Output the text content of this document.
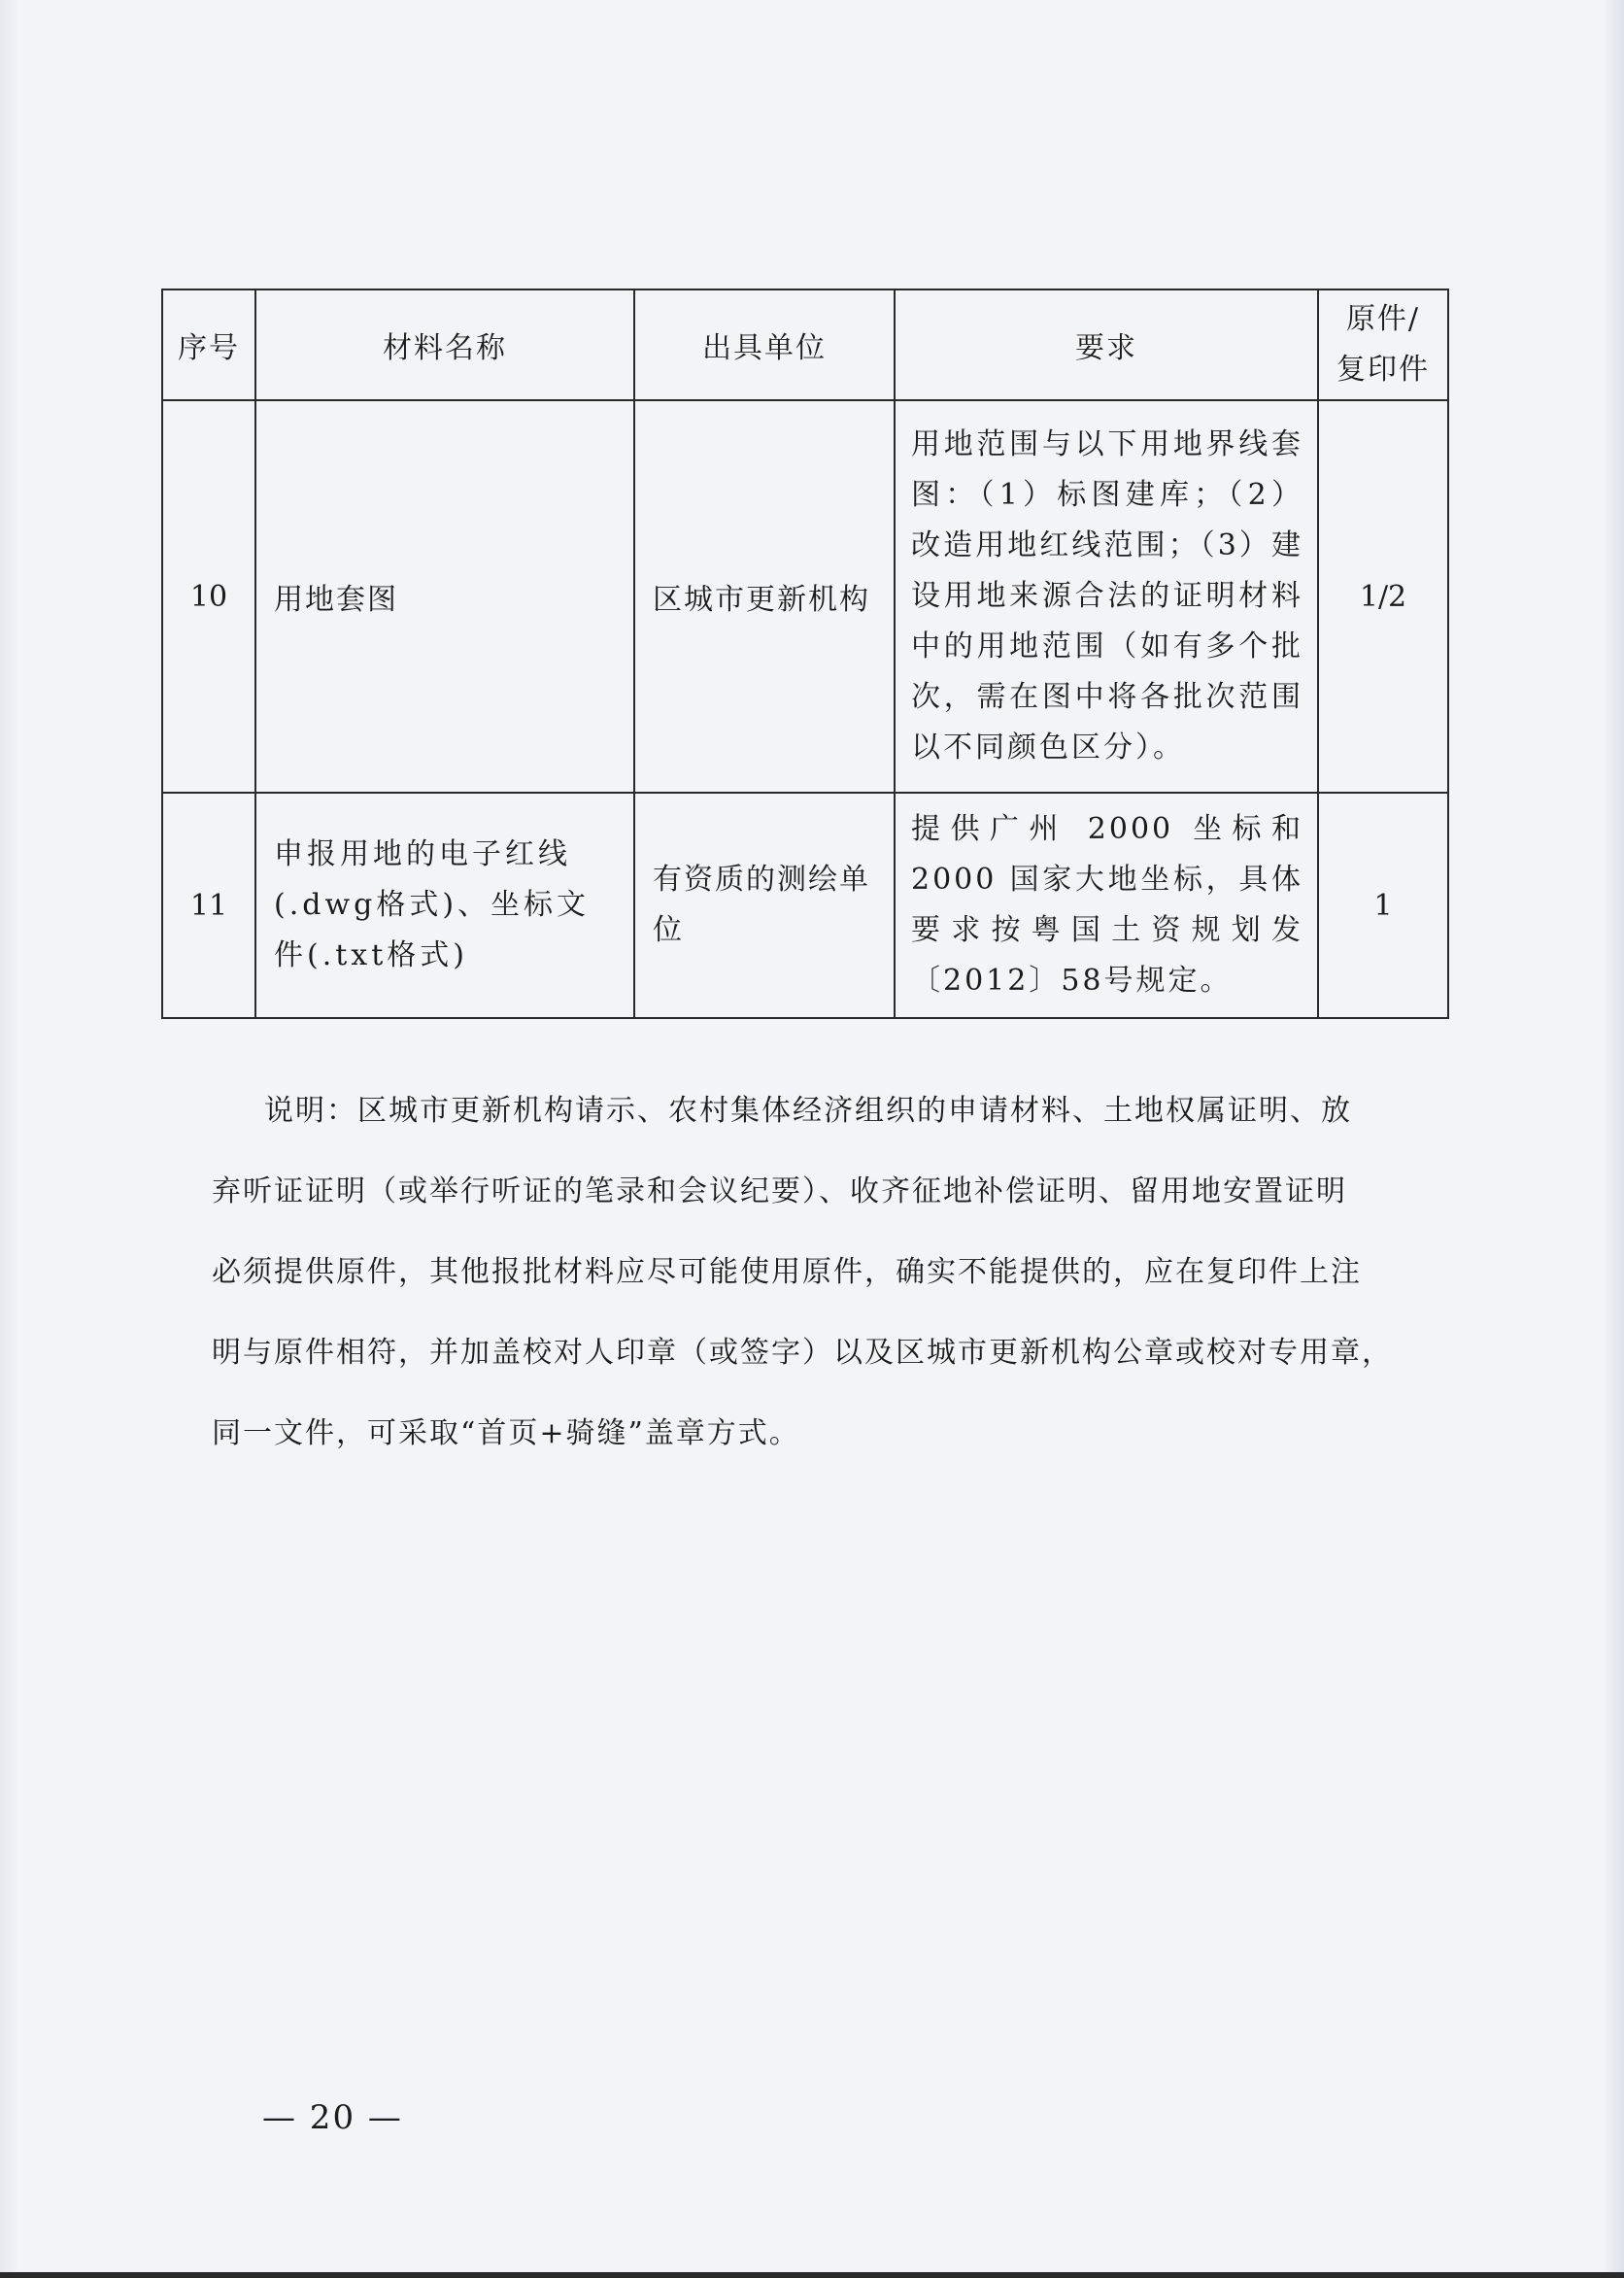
序号	材料名称	出具单位	要求	原件/
复印件

10	用地套图	区城市更新机构	用地范围与以下用地界线套图：（1）标图建库；（2）改造用地红线范围；（3）建设用地来源合法的证明材料中的用地范围（如有多个批次，需在图中将各批次范围以不同颜色区分）。	1/2
11	申报用地的电子红线(.dwg格式)、坐标文件(.txt格式)	有资质的测绘单位	提供广州 2000 坐标和 2000 国家大地坐标，具体要求按粤国土资规划发〔2012〕58号规定。	1
说明：区城市更新机构请示、农村集体经济组织的申请材料、土地权属证明、放
弃听证证明（或举行听证的笔录和会议纪要）、收齐征地补偿证明、留用地安置证明
必须提供原件，其他报批材料应尽可能使用原件，确实不能提供的，应在复印件上注
明与原件相符，并加盖校对人印章（或签字）以及区城市更新机构公章或校对专用章，
同一文件，可采取“首页+骑缝”盖章方式。
— 20 —
